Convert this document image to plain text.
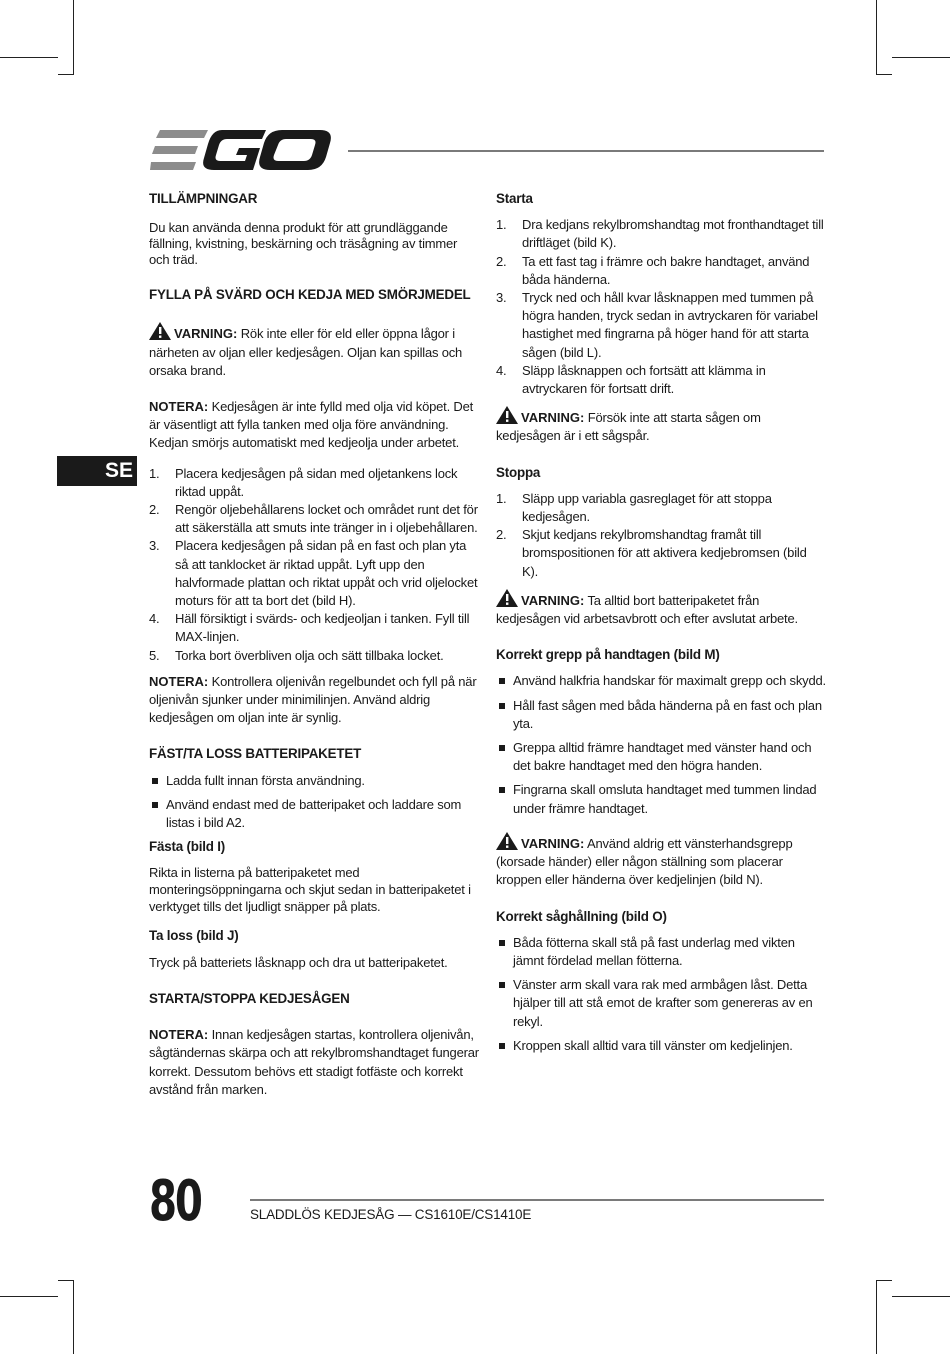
SE

TILLÄMPNINGAR

Du kan använda denna produkt för att grundläggande fällning, kvistning, beskärning och träsågning av timmer och träd.

FYLLA PÅ SVÄRD OCH KEDJA MED SMÖRJMEDEL

VARNING: Rök inte eller för eld eller öppna lågor i närheten av oljan eller kedjesågen. Oljan kan spillas och orsaka brand.

NOTERA: Kedjesågen är inte fylld med olja vid köpet. Det är väsentligt att fylla tanken med olja före användning. Kedjan smörjs automatiskt med kedjeolja under arbetet.

1. Placera kedjesågen på sidan med oljetankens lock riktad uppåt.
2. Rengör oljebehållarens locket och området runt det för att säkerställa att smuts inte tränger in i oljebehållaren.
3. Placera kedjesågen på sidan på en fast och plan yta så att tanklocket är riktad uppåt. Lyft upp den halvformade plattan och riktat uppåt och vrid oljelocket moturs för att ta bort det (bild H).
4. Häll försiktigt i svärds- och kedjeoljan i tanken. Fyll till MAX-linjen.
5. Torka bort överbliven olja och sätt tillbaka locket.

NOTERA: Kontrollera oljenivån regelbundet och fyll på när oljenivån sjunker under minimilinjen. Använd aldrig kedjesågen om oljan inte är synlig.

FÄST/TA LOSS BATTERIPAKETET

Ladda fullt innan första användning.
Använd endast med de batteripaket och laddare som listas i bild A2.

Fästa (bild I)

Rikta in listerna på batteripaketet med monteringsöppningarna och skjut sedan in batteripaketet i verktyget tills det ljudligt snäpper på plats.

Ta loss (bild J)

Tryck på batteriets låsknapp och dra ut batteripaketet.

STARTA/STOPPA KEDJESÅGEN

NOTERA: Innan kedjesågen startas, kontrollera oljenivån, sågtändernas skärpa och att rekylbromshandtaget fungerar korrekt. Dessutom behövs ett stadigt fotfäste och korrekt avstånd från marken.

Starta

1. Dra kedjans rekylbromshandtag mot fronthandtaget till driftläget (bild K).
2. Ta ett fast tag i främre och bakre handtaget, använd båda händerna.
3. Tryck ned och håll kvar låsknappen med tummen på högra handen, tryck sedan in avtryckaren för variabel hastighet med fingrarna på höger hand för att starta sågen (bild L).
4. Släpp låsknappen och fortsätt att klämma in avtryckaren för fortsatt drift.

VARNING: Försök inte att starta sågen om kedjesågen är i ett sågspår.

Stoppa

1. Släpp upp variabla gasreglaget för att stoppa kedjesågen.
2. Skjut kedjans rekylbromshandtag framåt till bromspositionen för att aktivera kedjebromsen (bild K).

VARNING: Ta alltid bort batteripaketet från kedjesågen vid arbetsavbrott och efter avslutat arbete.

Korrekt grepp på handtagen (bild M)

Använd halkfria handskar för maximalt grepp och skydd.
Håll fast sågen med båda händerna på en fast och plan yta.
Greppa alltid främre handtaget med vänster hand och det bakre handtaget med den högra handen.
Fingrarna skall omsluta handtaget med tummen lindad under främre handtaget.

VARNING: Använd aldrig ett vänsterhandsgrepp (korsade händer) eller någon ställning som placerar kroppen eller händerna över kedjelinjen (bild N).

Korrekt såghållning (bild O)

Båda fötterna skall stå på fast underlag med vikten jämnt fördelad mellan fötterna.
Vänster arm skall vara rak med armbågen låst. Detta hjälper till att stå emot de krafter som genereras av en rekyl.
Kroppen skall alltid vara till vänster om kedjelinjen.
80	SLADDLÖS KEDJESÅG — CS1610E/CS1410E
